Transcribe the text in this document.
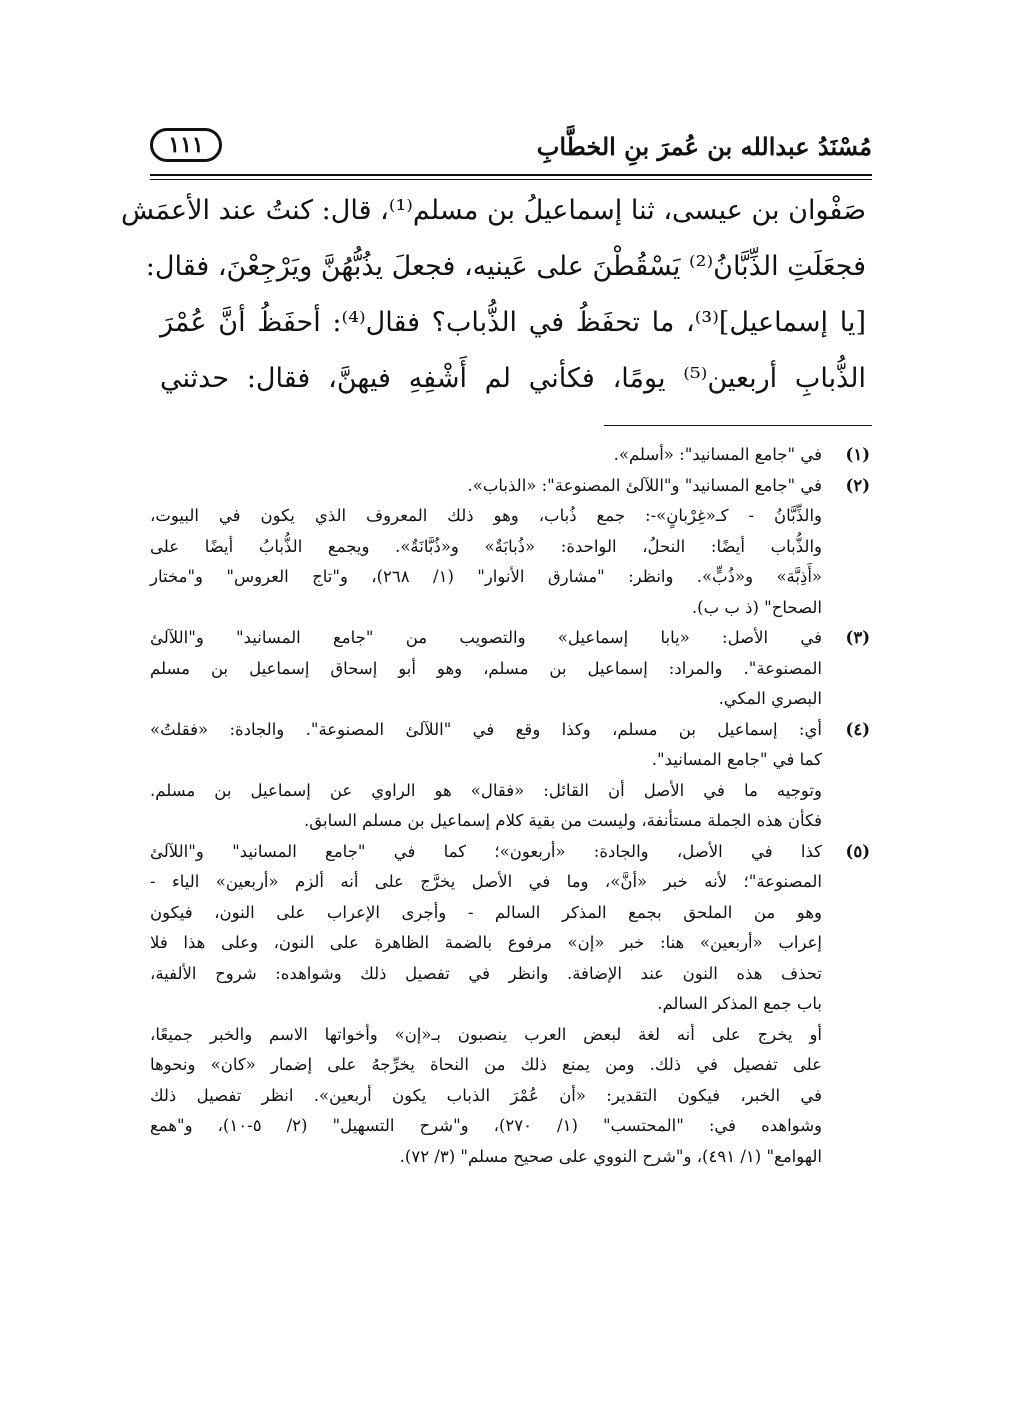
مُسْنَدُ عبدالله بن عُمرَ بنِ الخطَّابِ
١١١
صَفْوان بن عيسى، ثنا إسماعيلُ بن مسلم⁽¹⁾، قال: كنتُ عند الأعمَش
فجعَلَتِ الذِّبَّانُ⁽²⁾ يَسْقُطْنَ على عَينيه، فجعلَ يذُبُّهُنَّ ويَرْجِعْنَ، فقال:
[يا إسماعيل]⁽³⁾، ما تحفَظُ في الذُّباب؟ فقال⁽⁴⁾: أحفَظُ أنَّ عُمْرَ
الذُّبابِ أربعين⁽⁵⁾ يومًا، فكأني لم أَشْفِهِ فيهنَّ، فقال: حدثني
(١)
في "جامع المسانيد": «أسلم».
(٢)
في "جامع المسانيد" و"اللآلئ المصنوعة": «الذباب».
والذِّبَّانُ - كـ«غِرْبانٍ»-: جمع ذُباب، وهو ذلك المعروف الذي يكون في البيوت،
والذُّباب أيضًا: النحلُ، الواحدة: «ذُبابَةٌ» و«ذُبَّانَةٌ». ويجمع الذُّبابُ أيضًا على
«أَذِبَّة» و«ذُبٍّ». وانظر: "مشارق الأنوار" (١/ ٢٦٨)، و"تاج العروس" و"مختار
الصحاح" (ذ ب ب).
(٣)
في الأصل: «يابا إسماعيل» والتصويب من "جامع المسانيد" و"اللآلئ
المصنوعة". والمراد: إسماعيل بن مسلم، وهو أبو إسحاق إسماعيل بن مسلم
البصري المكي.
(٤)
أي: إسماعيل بن مسلم، وكذا وقع في "اللآلئ المصنوعة". والجادة: «فقلتُ»
كما في "جامع المسانيد".
وتوجيه ما في الأصل أن القائل: «فقال» هو الراوي عن إسماعيل بن مسلم.
فكأن هذه الجملة مستأنفة، وليست من بقية كلام إسماعيل بن مسلم السابق.
(٥)
كذا في الأصل، والجادة: «أربعون»؛ كما في "جامع المسانيد" و"اللآلئ
المصنوعة"؛ لأنه خبر «أنَّ»، وما في الأصل يخرَّج على أنه ألزم «أربعين» الياء -
وهو من الملحق بجمع المذكر السالم - وأجرى الإعراب على النون، فيكون
إعراب «أربعين» هنا: خبر «إن» مرفوع بالضمة الظاهرة على النون، وعلى هذا فلا
تحذف هذه النون عند الإضافة. وانظر في تفصيل ذلك وشواهده: شروح الألفية،
باب جمع المذكر السالم.
أو يخرج على أنه لغة لبعض العرب ينصبون بـ«إن» وأخواتها الاسم والخبر جميعًا،
على تفصيل في ذلك. ومن يمنع ذلك من النحاة يخرِّجهُ على إضمار «كان» ونحوها
في الخبر، فيكون التقدير: «أن عُمْرَ الذباب يكون أربعين». انظر تفصيل ذلك
وشواهده في: "المحتسب" (١/ ٢٧٠)، و"شرح التسهيل" (٢/ ٥-١٠)، و"همع
الهوامع" (١/ ٤٩١)، و"شرح النووي على صحيح مسلم" (٣/ ٧٢).
